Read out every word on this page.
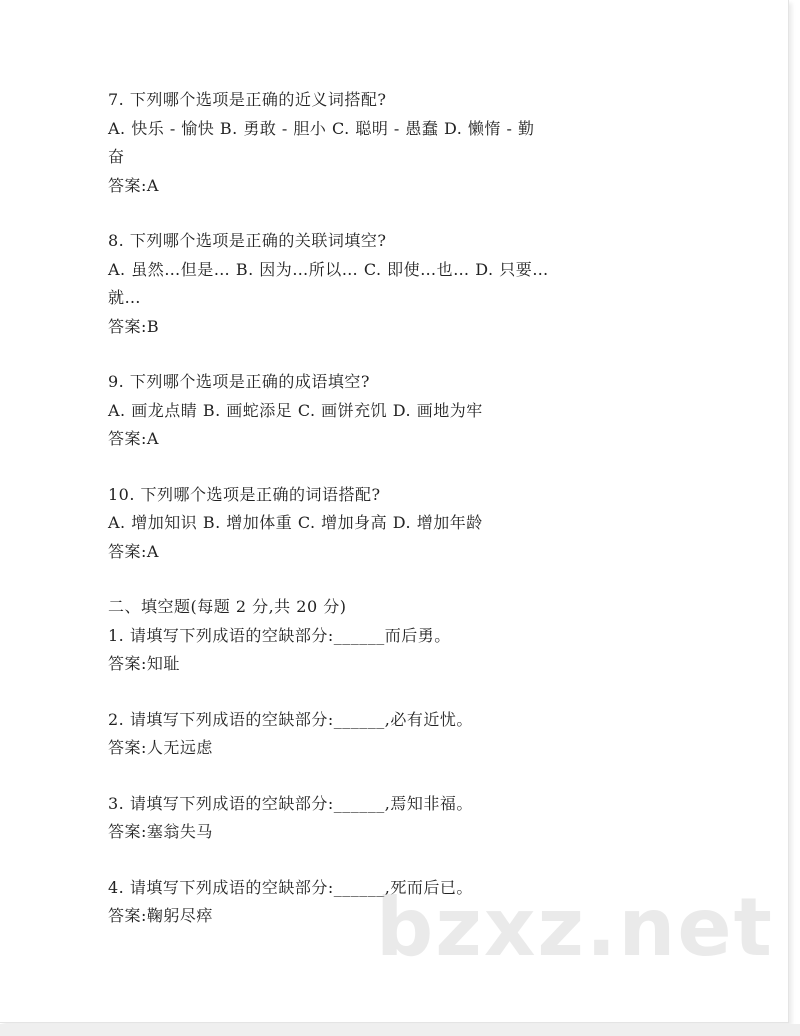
7. 下列哪个选项是正确的近义词搭配?
A. 快乐 - 愉快 B. 勇敢 - 胆小 C. 聪明 - 愚蠢 D. 懒惰 - 勤
奋
答案:A
8. 下列哪个选项是正确的关联词填空?
A. 虽然…但是… B. 因为…所以… C. 即使…也… D. 只要…
就…
答案:B
9. 下列哪个选项是正确的成语填空?
A. 画龙点睛 B. 画蛇添足 C. 画饼充饥 D. 画地为牢
答案:A
10. 下列哪个选项是正确的词语搭配?
A. 增加知识 B. 增加体重 C. 增加身高 D. 增加年龄
答案:A
二、填空题(每题 2 分,共 20 分)
1. 请填写下列成语的空缺部分:______而后勇。
答案:知耻
2. 请填写下列成语的空缺部分:______,必有近忧。
答案:人无远虑
3. 请填写下列成语的空缺部分:______,焉知非福。
答案:塞翁失马
4. 请填写下列成语的空缺部分:______,死而后已。
答案:鞠躬尽瘁	bzxz.net
